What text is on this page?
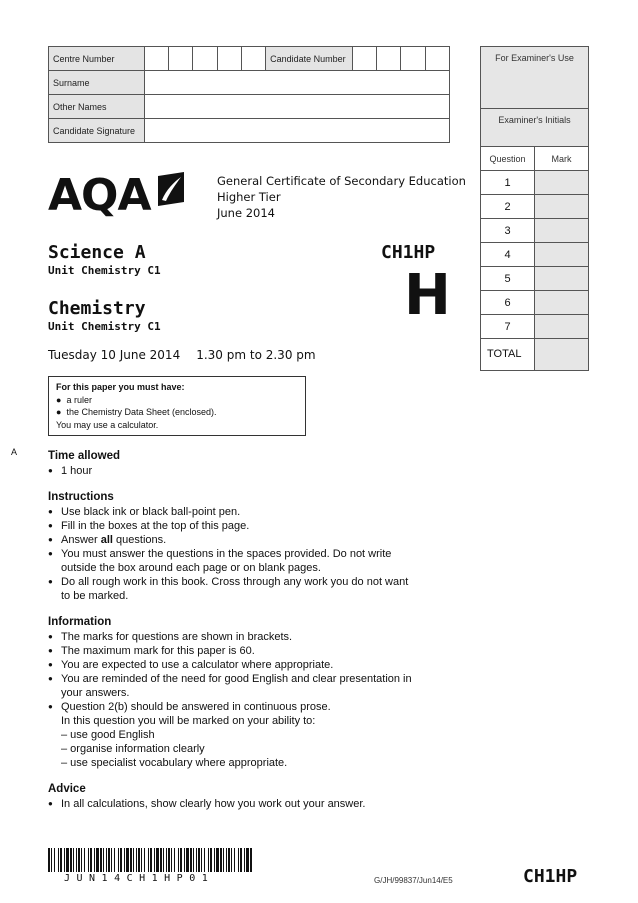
Centre Number						Candidate Number				
Surname										
Other Names										
Candidate Signature										
For Examiner's Use
Examiner's Initials
Question	Mark
1
2
3
4
5
6
7
TOTAL
AQA	General Certificate of Secondary Education
Higher Tier
June 2014
Science A
Unit Chemistry C1
Chemistry
Unit Chemistry C1
CH1HP
H
Tuesday 10 June 2014 1.30 pm to 2.30 pm
For this paper you must have:
●  a ruler
●  the Chemistry Data Sheet (enclosed).
You may use a calculator.
A	Time allowed
● 1 hour
Instructions
● Use black ink or black ball-point pen.
● Fill in the boxes at the top of this page.
● Answer all questions.
● You must answer the questions in the spaces provided. Do not write
outside the box around each page or on blank pages.
● Do all rough work in this book. Cross through any work you do not want
to be marked.
Information
● The marks for questions are shown in brackets.
● The maximum mark for this paper is 60.
● You are expected to use a calculator where appropriate.
● You are reminded of the need for good English and clear presentation in
your answers.
● Question 2(b) should be answered in continuous prose.
In this question you will be marked on your ability to:
– use good English
– organise information clearly
– use specialist vocabulary where appropriate.
Advice
● In all calculations, show clearly how you work out your answer.
JUN14CH1HP01	G/JH/99837/Jun14/E5	CH1HP
